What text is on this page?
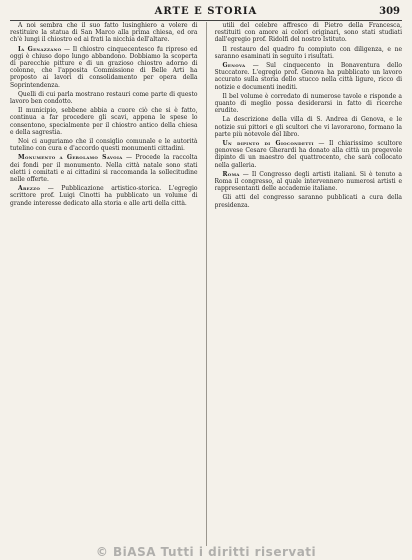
ARTE E STORIA	309

A noi sembra che il suo fatto lusinghiero a volere di restituire la statua di San Marco alla prima chiesa, ed ora ch'è lungi il chiostro ed ai frati la nicchia dell'altare.

Ia Genazzano — Il chiostro cinquecentesco fu ripreso ed oggi è chiuso dopo lungo abbandono. Dobbiamo la scoperta di parecchie pitture e di un grazioso chiostro adorno di colonne, che l'apposita Commissione di Belle Arti ha proposto ai lavori di consolidamento per opera della Soprintendenza.

Quelli di cui parla mostrano restauri come parte di questo lavoro ben condotto.

Il municipio, sebbene abbia a cuore ciò che si è fatto, continua a far procedere gli scavi, appena le spese lo consentono, specialmente per il chiostro antico della chiesa e della sagrestia.

Noi ci auguriamo che il consiglio comunale e le autorità tutelino con cura e d'accordo questi monumenti cittadini.

Monumento a Gerolamo Savoia — Procede la raccolta dei fondi per il monumento. Nella città natale sono stati eletti i comitati e ai cittadini si raccomanda la sollecitudine nelle offerte.

Arezzo — Pubblicazione artistico-storica. L'egregio scrittore prof. Luigi Cinotti ha pubblicato un volume di grande interesse dedicato alla storia e alle arti della città.

utili del celebre affresco di Pietro della Francesca, restituiti con amore ai colori originari, sono stati studiati dall'egregio prof. Ridolfi del nostro Istituto.

Il restauro del quadro fu compiuto con diligenza, e ne saranno esaminati in seguito i risultati.

Genova — Sul cinquecento in Bonaventura dello Stuccatore. L'egregio prof. Genova ha pubblicato un lavoro accurato sulla storia dello stucco nella città ligure, ricco di notizie e documenti inediti.

Il bel volume è corredato di numerose tavole e risponde a quanto di meglio possa desiderarsi in fatto di ricerche erudite.

La descrizione della villa di S. Andrea di Genova, e le notizie sui pittori e gli scultori che vi lavorarono, formano la parte più notevole del libro.

Un dipinto di Giocondetti — Il chiarissimo scultore genovese Cesare Gherardi ha donato alla città un pregevole dipinto di un maestro del quattrocento, che sarà collocato nella galleria.

Roma — Il Congresso degli artisti italiani. Si è tenuto a Roma il congresso, al quale intervennero numerosi artisti e rappresentanti delle accademie italiane.

Gli atti del congresso saranno pubblicati a cura della presidenza.

© BiASA Tutti i diritti riservati
